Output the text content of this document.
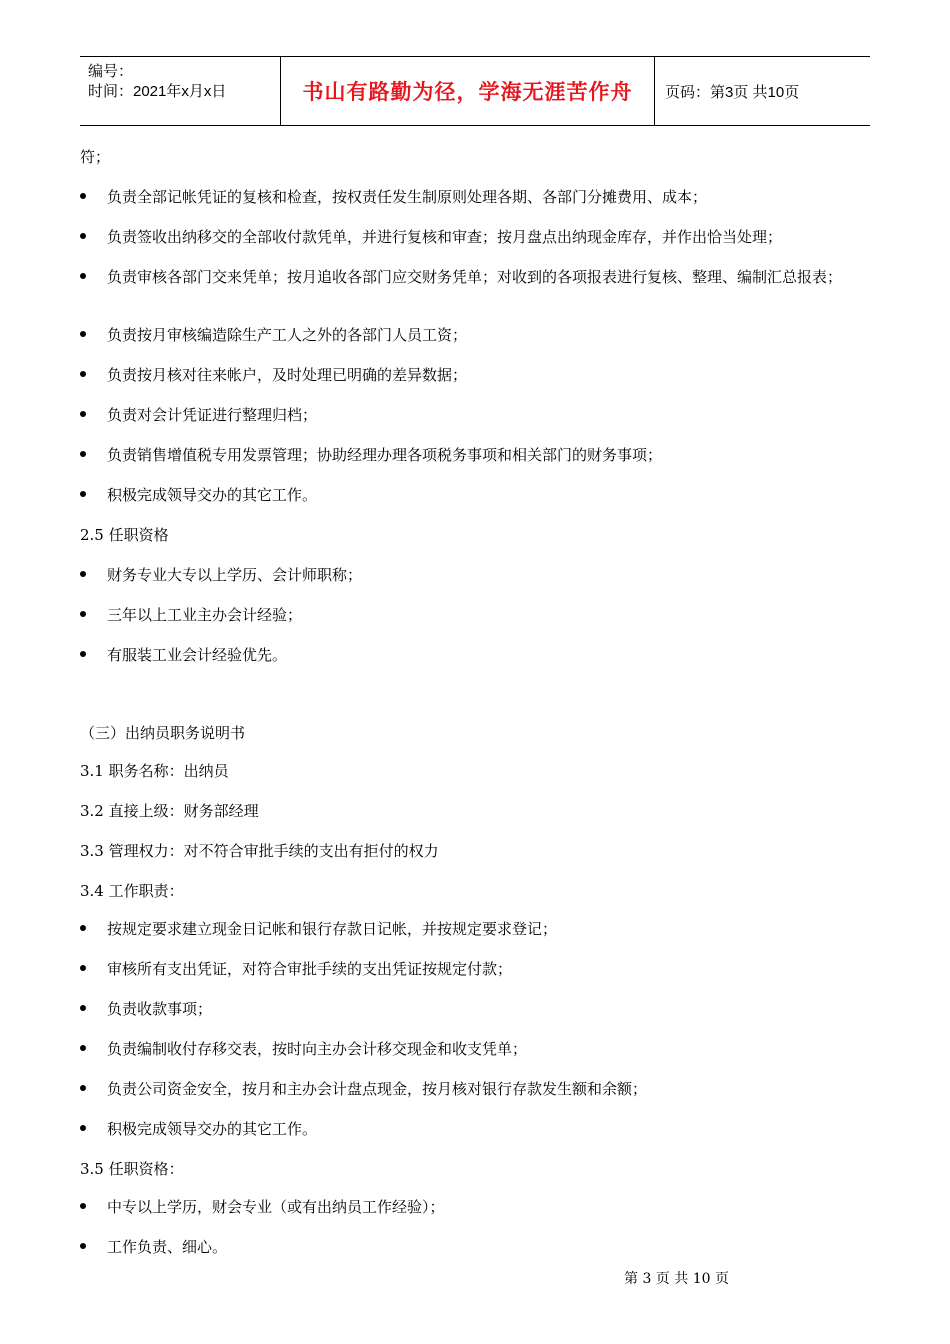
编号：
时间：2021年x月x日	书山有路勤为径，学海无涯苦作舟	页码：第3页 共10页
符；
负责全部记帐凭证的复核和检查，按权责任发生制原则处理各期、各部门分摊费用、成本；
负责签收出纳移交的全部收付款凭单，并进行复核和审查；按月盘点出纳现金库存，并作出恰当处理；
负责审核各部门交来凭单；按月追收各部门应交财务凭单；对收到的各项报表进行复核、整理、编制汇总报表；
负责按月审核编造除生产工人之外的各部门人员工资；
负责按月核对往来帐户，及时处理已明确的差异数据；
负责对会计凭证进行整理归档；
负责销售增值税专用发票管理；协助经理办理各项税务事项和相关部门的财务事项；
积极完成领导交办的其它工作。
2.5 任职资格
财务专业大专以上学历、会计师职称；
三年以上工业主办会计经验；
有服装工业会计经验优先。
（三）出纳员职务说明书
3.1 职务名称：出纳员
3.2 直接上级：财务部经理
3.3 管理权力：对不符合审批手续的支出有拒付的权力
3.4 工作职责：
按规定要求建立现金日记帐和银行存款日记帐，并按规定要求登记；
审核所有支出凭证，对符合审批手续的支出凭证按规定付款；
负责收款事项；
负责编制收付存移交表，按时向主办会计移交现金和收支凭单；
负责公司资金安全，按月和主办会计盘点现金，按月核对银行存款发生额和余额；
积极完成领导交办的其它工作。
3.5 任职资格：
中专以上学历，财会专业（或有出纳员工作经验）；
工作负责、细心。
第 3 页 共 10 页
